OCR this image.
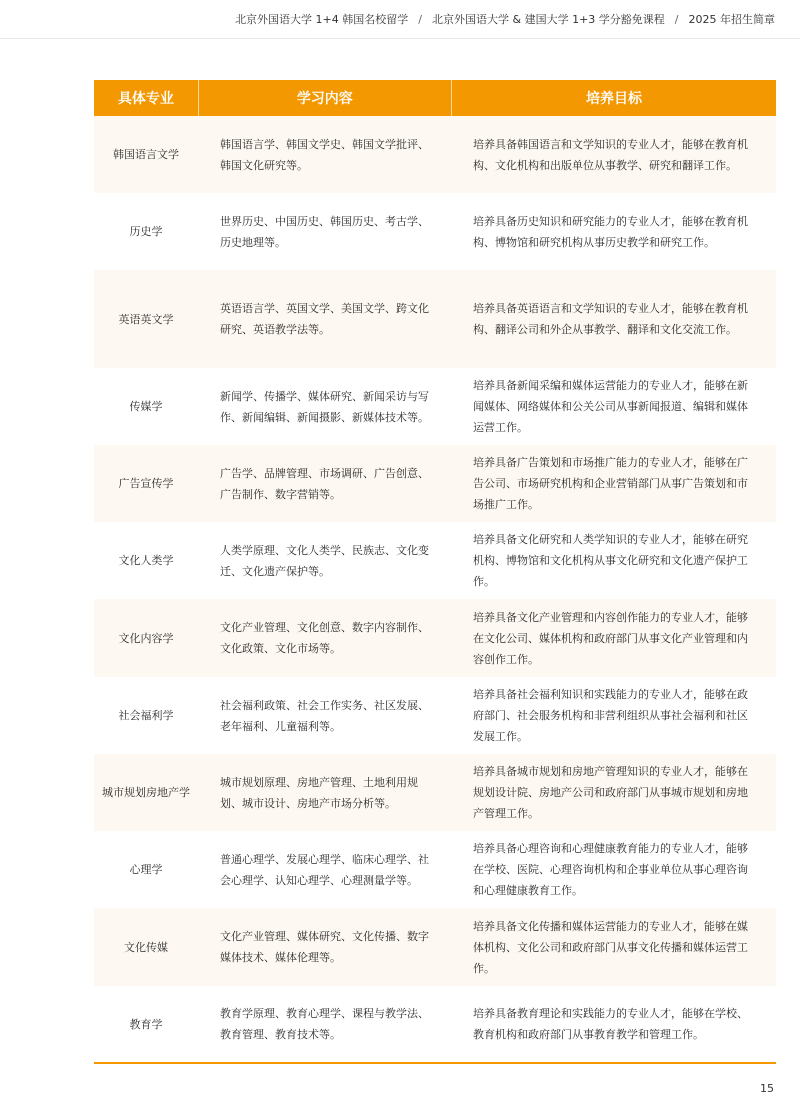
北京外国语大学 1+4 韩国名校留学 / 北京外国语大学 & 建国大学 1+3 学分豁免课程 / 2025 年招生简章
具体专业	学习内容	培养目标
韩国语言文学
韩国语言学、韩国文学史、韩国文学批评、韩国文化研究等。
培养具备韩国语言和文学知识的专业人才，能够在教育机构、文化机构和出版单位从事教学、研究和翻译工作。
历史学
世界历史、中国历史、韩国历史、考古学、历史地理等。
培养具备历史知识和研究能力的专业人才，能够在教育机构、博物馆和研究机构从事历史教学和研究工作。
英语英文学
英语语言学、英国文学、美国文学、跨文化研究、英语教学法等。
培养具备英语语言和文学知识的专业人才，能够在教育机构、翻译公司和外企从事教学、翻译和文化交流工作。
传媒学
新闻学、传播学、媒体研究、新闻采访与写作、新闻编辑、新闻摄影、新媒体技术等。
培养具备新闻采编和媒体运营能力的专业人才，能够在新闻媒体、网络媒体和公关公司从事新闻报道、编辑和媒体运营工作。
广告宣传学
广告学、品牌管理、市场调研、广告创意、广告制作、数字营销等。
培养具备广告策划和市场推广能力的专业人才，能够在广告公司、市场研究机构和企业营销部门从事广告策划和市场推广工作。
文化人类学
人类学原理、文化人类学、民族志、文化变迁、文化遗产保护等。
培养具备文化研究和人类学知识的专业人才，能够在研究机构、博物馆和文化机构从事文化研究和文化遗产保护工作。
文化内容学
文化产业管理、文化创意、数字内容制作、文化政策、文化市场等。
培养具备文化产业管理和内容创作能力的专业人才，能够在文化公司、媒体机构和政府部门从事文化产业管理和内容创作工作。
社会福利学
社会福利政策、社会工作实务、社区发展、老年福利、儿童福利等。
培养具备社会福利知识和实践能力的专业人才，能够在政府部门、社会服务机构和非营利组织从事社会福利和社区发展工作。
城市规划房地产学
城市规划原理、房地产管理、土地利用规划、城市设计、房地产市场分析等。
培养具备城市规划和房地产管理知识的专业人才，能够在规划设计院、房地产公司和政府部门从事城市规划和房地产管理工作。
心理学
普通心理学、发展心理学、临床心理学、社会心理学、认知心理学、心理测量学等。
培养具备心理咨询和心理健康教育能力的专业人才，能够在学校、医院、心理咨询机构和企事业单位从事心理咨询和心理健康教育工作。
文化传媒
文化产业管理、媒体研究、文化传播、数字媒体技术、媒体伦理等。
培养具备文化传播和媒体运营能力的专业人才，能够在媒体机构、文化公司和政府部门从事文化传播和媒体运营工作。
教育学
教育学原理、教育心理学、课程与教学法、教育管理、教育技术等。
培养具备教育理论和实践能力的专业人才，能够在学校、教育机构和政府部门从事教育教学和管理工作。
15
